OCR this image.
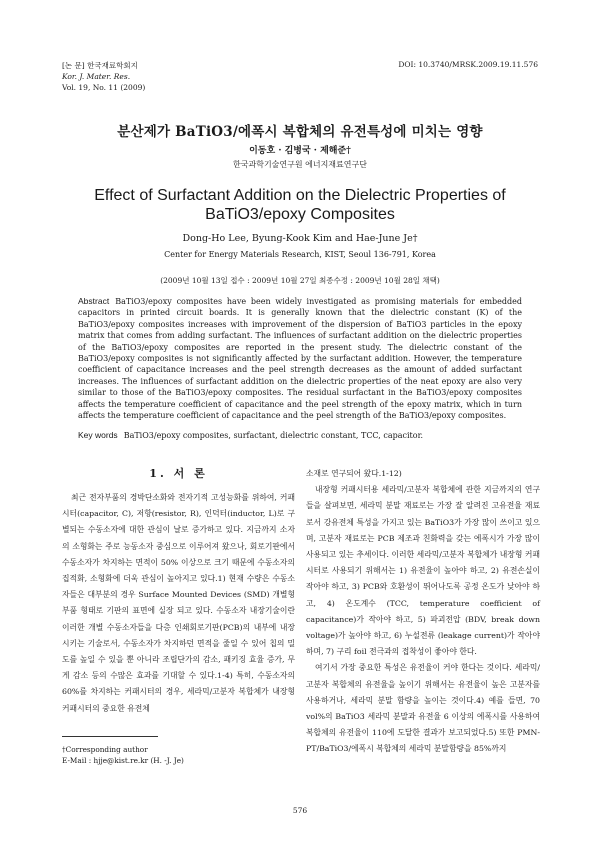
[논 문] 한국재료학회지
Kor. J. Mater. Res.
Vol. 19, No. 11 (2009)
DOI: 10.3740/MRSK.2009.19.11.576
분산제가 BaTiO3/에폭시 복합체의 유전특성에 미치는 영향
이동호 · 김병국 · 제해준†
한국과학기술연구원 에너지재료연구단
Effect of Surfactant Addition on the Dielectric Properties of
BaTiO3/epoxy Composites
Dong-Ho Lee, Byung-Kook Kim and Hae-June Je†
Center for Energy Materials Research, KIST, Seoul 136-791, Korea
(2009년 10월 13일 접수 : 2009년 10월 27일 최종수정 : 2009년 10월 28일 채택)
Abstract BaTiO3/epoxy composites have been widely investigated as promising materials for embedded capacitors in printed circuit boards. It is generally known that the dielectric constant (K) of the BaTiO3/epoxy composites increases with improvement of the dispersion of BaTiO3 particles in the epoxy matrix that comes from adding surfactant. The influences of surfactant addition on the dielectric properties of the BaTiO3/epoxy composites are reported in the present study. The dielectric constant of the BaTiO3/epoxy composites is not significantly affected by the surfactant addition. However, the temperature coefficient of capacitance increases and the peel strength decreases as the amount of added surfactant increases. The influences of surfactant addition on the dielectric properties of the neat epoxy are also very similar to those of the BaTiO3/epoxy composites. The residual surfactant in the BaTiO3/epoxy composites affects the temperature coefficient of capacitance and the peel strength of the epoxy matrix, which in turn affects the temperature coefficient of capacitance and the peel strength of the BaTiO3/epoxy composites.
Key words BaTiO3/epoxy composites, surfactant, dielectric constant, TCC, capacitor.
1. 서 론

최근 전자부품의 경박단소화와 전자기적 고성능화를 위하여, 커패시터(capacitor, C), 저항(resistor, R), 인덕터(inductor, L)로 구별되는 수동소자에 대한 관심이 날로 증가하고 있다. 지금까지 소자의 소형화는 주로 능동소자 중심으로 이루어져 왔으나, 회로기판에서 수동소자가 차지하는 면적이 50% 이상으로 크기 때문에 수동소자의 집적화, 소형화에 더욱 관심이 높아지고 있다.1) 현재 수량은 수동소자들은 대부분의 경우 Surface Mounted Devices (SMD) 개별형 부품 형태로 기판의 표면에 실장 되고 있다. 수동소자 내장기술이란 이러한 개별 수동소자들을 다층 인쇄회로기판(PCB)의 내부에 내장시키는 기술로서, 수동소자가 차지하던 면적을 줄일 수 있어 칩의 밀도를 높일 수 있을 뿐 아니라 조립단가의 감소, 패키징 효율 증가, 무게 감소 등의 수많은 효과를 기대할 수 있다.1-4) 특히, 수동소자의 60%를 차지하는 커패시터의 경우, 세라믹/고분자 복합체가 내장형 커패시터의 중요한 유전체

소재로 연구되어 왔다.1-12)

내장형 커패시터용 세라믹/고분자 복합체에 관한 지금까지의 연구들을 살펴보면, 세라믹 분말 재료로는 가장 잘 알려진 고유전율 재료로서 강유전체 특성을 가지고 있는 BaTiO3가 가장 많이 쓰이고 있으며, 고분자 재료로는 PCB 제조과 친화력을 갖는 에폭시가 가장 많이 사용되고 있는 추세이다. 이러한 세라믹/고분자 복합체가 내장형 커패시터로 사용되기 위해서는 1) 유전율이 높아야 하고, 2) 유전손실이 작아야 하고, 3) PCB와 호환성이 뛰어나도록 공정 온도가 낮아야 하고, 4) 온도계수 (TCC, temperature coefficient of capacitance)가 작아야 하고, 5) 파괴전압 (BDV, break down voltage)가 높아야 하고, 6) 누설전류 (leakage current)가 작아야 하며, 7) 구리 foil 전극과의 접착성이 좋아야 한다.

여기서 가장 중요한 특성은 유전율이 커야 한다는 것이다. 세라믹/고분자 복합체의 유전율을 높이기 위해서는 유전율이 높은 고분자를 사용하거나, 세라믹 분말 함량을 높이는 것이다.4) 예를 들면, 70 vol%의 BaTiO3 세라믹 분말과 유전율 6 이상의 에폭시를 사용하여 복합체의 유전율이 110에 도달한 결과가 보고되었다.5) 또한 PMN-PT/BaTiO3/에폭시 복합체의 세라믹 분말함량을 85%까지

†Corresponding author
E-Mail : hjje@kist.re.kr (H. -J. Je)
576
